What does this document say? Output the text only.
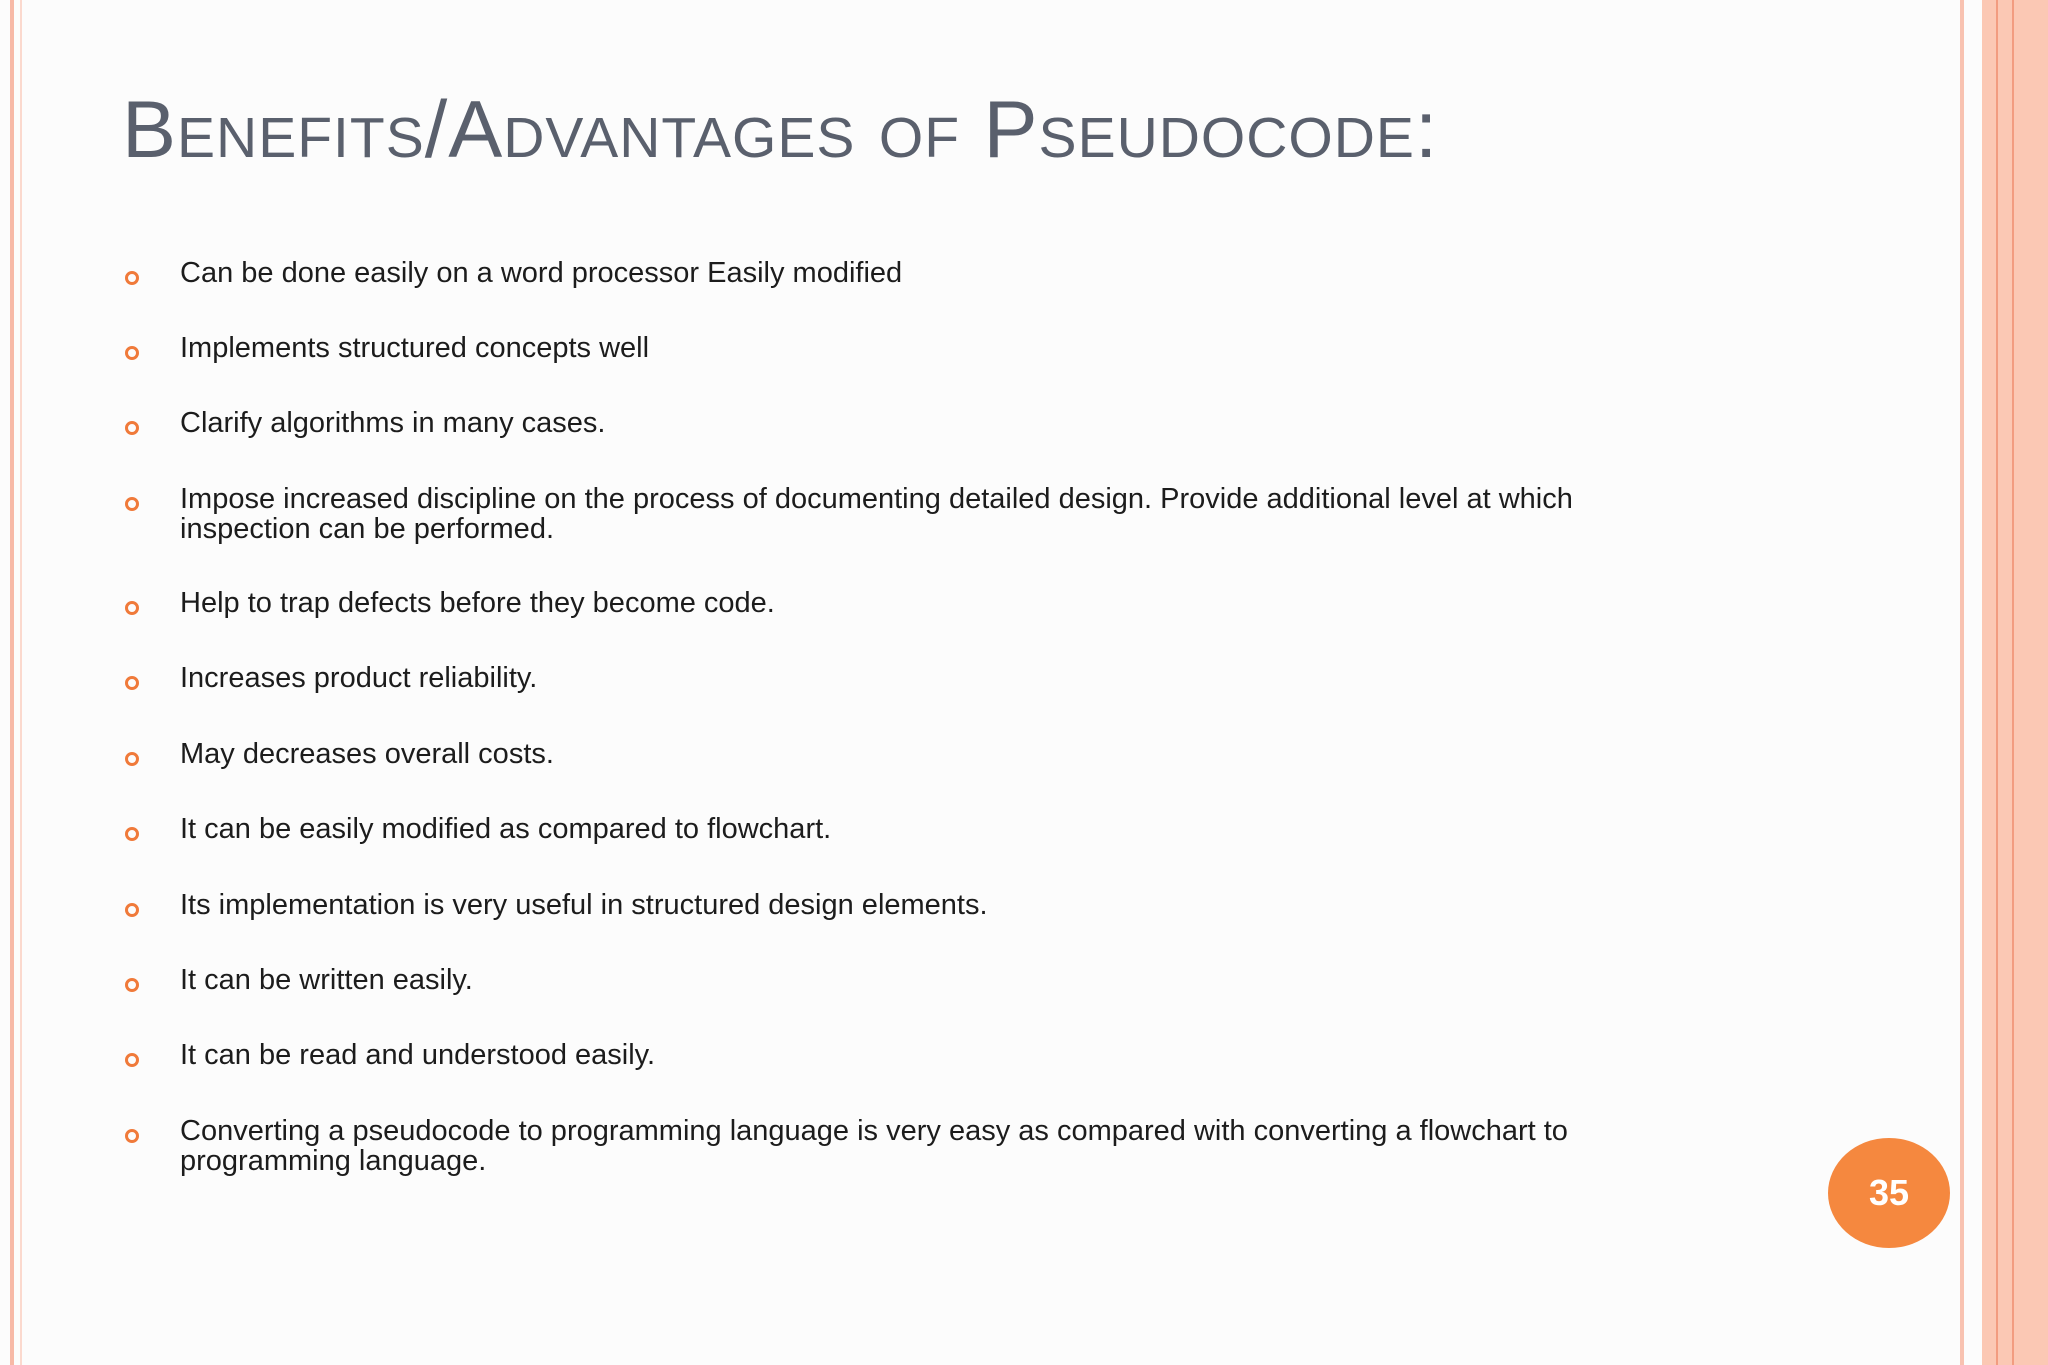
Benefits/Advantages of Pseudocode:
Can be done easily on a word processor Easily modified
Implements structured concepts well
Clarify algorithms in many cases.
Impose increased discipline on the process of documenting detailed design. Provide additional level at which inspection can be performed.
Help to trap defects before they become code.
Increases product reliability.
May decreases overall costs.
It can be easily modified as compared to flowchart.
Its implementation is very useful in structured design elements.
It can be written easily.
It can be read and understood easily.
Converting a pseudocode to programming language is very easy as compared with converting a flowchart to programming language.
35
